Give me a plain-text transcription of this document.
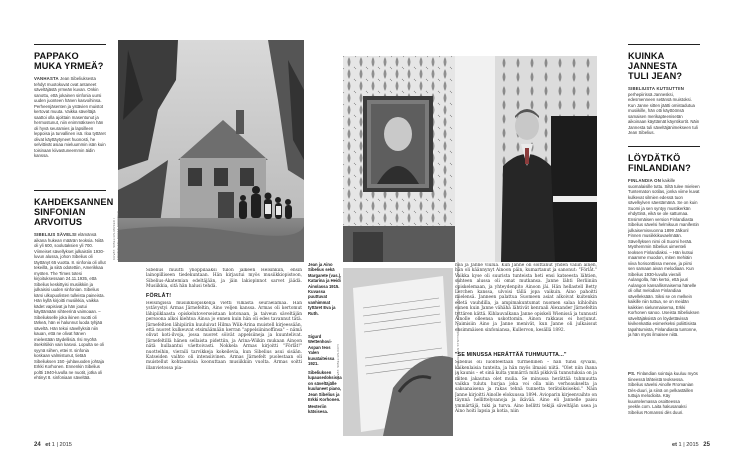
PAPPAKO MUKA YRMEÄ?
VANHASTA Jean Sibeliuksesta tehdyt muotokuvat ovat antaneet säveltäjästä yrmeän kuvan. Onkin sanottu, että jokainen sinfonia uursi uuden juonteen hänen kasvoihinsa. Perheenjäsenten ja ystävien muistot kertovat muuta. Vaikka säveltäjä saattoi olla ajoittain masentunut ja hermostunut, niin enimmäkseen hän oli hyvä seuramies ja lapsilleen leppoisa ja turvallinen isä. Iloa tyttäret olivat käyttäytyneet huonosti, he selvittivät asiaa mieluummin isän kuin toisinaan kiivastuneemmin äidin kanssa.
KAHDEKSANNEN SINFONIAN ARVOITUS
SIBELIUS SÄVELSI elämänsä aikana hukean määrän teoksia. Niitä oli yli 600, soolutaksien yli 700. Viimeiset sävellykset julkaistiin 1930-luvun alussa, johon Sibelius oli täyttänyt 65 vuotta. 8. sinfonia oli ollut tekeillä, ja siitä odotettiin, Amerikkaa myöten. The Times totesi kirjoituksessaan 24.11.1935, että Sibelius keskittyisi musiikkiin ja julkaisisi uuden sinfonian. Sibelius kärsi ulkopuolisten tulleista paineista. Hän kyllä kirjoitti musiikkia, vaikka kädet vapisivat ja hän joutui käyttämään sihteerinä vaimoaan. – Sibeliukselle joka ikinen nuotti oli tärkeä, hän ei halunnut luoda tyhjää säveltä. Hän tekoi sävellyksiä niin kauan, että ne olivat hänen mielestään täydellisiä. Ilsi myöhä itsekritiikin vain kasvoi. Lopulta se oli syynä siihen, ettei 8. sinfonia koskaan valmistunut, tietää Sibeliuksen 150 -juhlavuoden johtaja Erkki Korhonen. Ennenkin Sibelius poltti 1940-luvulla ne nuotit, jotka oli ehtinyt 8. sinfoniaan säveltää.
KUVAT: SIBELIUS-MUSEO / TOIMITETTU NUKKE SANONEN
KUVA: SIBELIUKSEN SYNTYMÄKOTI / HÄMEENLINNAN KAUPUNGINMUSEO
KUVAT: SIBELIUS-KOTI
Jean ja Aino Sibelius sekä Margarete (vas.), Katarina ja Heidi Ainolassa 1915. Kuvassa puuttuvat vanhimmat tyttäret Eva ja Ruth.
Sigurd Wettenhovi-Aspan teos Yalen kuvataiteissa 1921.
Sibeliuksen lupausedoksissa on säveltäjälle kuuluneet piano, Jean Sibelius ja Erkki Korhonen.
Mesteriin kätsisesa.

Sibelius muutti ylioppilaaksi tulon jälkeen Helsinkiin, ensin lainopilliseen tiedekuntaan. Hän kirjautui myös musiikkiopistoon, Sibelius-Akatemian edeltäjään, ja jäin lakiopinnot sarvet jäädä. Musiikkia, sitä hän halusi tehdä.

FÖRLÅT!

Helsingissä musiikkiopiskelija vietti vilkasta seuraelämää. Hän ystävystyi Armas Järnefeltin, Aino veljen kanssa. Armas oli kertomut lähipiiklaasta opiskelutoverseistaan kotonaan, ja taiveun säveltäjän persoona alkoi kiehtoa Ainoa jo ennen kuin hän oli edes tavannut tätä. Järnefeltien lähipiiriin kuuluivat Hilma Wiik-Arina muistell kirjeessään, että nuoret kulkeuvat etsimäämään kerran "appelsiininoffinsa" – nämä olivat koti-ilvoja, jossa nuoret söivät appelsiineja ja kuuntelivat. Järnefeltillä hänen sellaista pidettiin, ja Arina-Wiikin mukaan Ainoon nätä hullaantui väettoivasti. Nokkela Armas kirjoitti "Förlåt!" nuotteihin, vieraili tarvikkeja kokeilevia, kun Sibelius asui sisään. Katseiden vaihto oli intensiivinen. Armas Järnefelt puolestaan oli muistellut kohtaamisia koonuttaan musiikkiin vuolta. Armas soitti illanvietossa pia-

noa ja Janne viulua. Kun Janne oli soittanut yhden väliin ainen, hän oli käännynyt Ainoon päin, kumartanut ja sanonut: "Förlåt." Vaikka kyse oli suurista tunteista heti ensi katseesta lähtien, suhteen alussa oli omat mutkansa. Janne lähti Berliiniin opiskelemaan, ja yhteydenpito Ainoon jäi. Hän hellastell Betty Lerchen kanssa, ulvoisi tällä jopa vaikuin. Aino pahoitti mielensä. Janneen palattua Suomeen asiat alkoivat kuitenkin edetä vauhdilla, ja ampimakuntumat nuomen salaa kihloihin ennen kuin Janne vähähä lähtivät kenraali Alexander Järnefeltin tyttären kättä. Kihlauvalkana Janne opiskeli Wienissä ja tunnusti Ainolle olleensa uskottomin. Ainon rakkaus ei horjunut. Naimisiin Aino ja Janne menivät, kun Janne oli julkaissut ensimmäisen sinfoniansa, Kullervon, kesällä 1892.

"SE MINUSSA HERÄTTÄÄ TUHMUUTTA..."

Sibelius oli luonteeltaan turmellinen – hän tunsi syviäni, kaikenlaisia tunteita, ja hän myös ilmaisi niitä. "Olet niin ihana ja kaunis – et sinä kulta ymmärrä mitä pikkiviä tunnutuksia on ja miten jakautua olet mulia. Se minussa herättää tuhmuutta vaikka tulutu hurjaa joka voi olla niin verhoaukselta ja saksanaisena ja rakas tehnä tunnetta terätsiksiseksi." Näin Janne kirjoitti Ainolle elokuussa 1894. Avioparin kirjeenvaihto on täynnä hellittelysanoja ja ikävää. Aino eli Jannelle paisu ymmärtäjä, tuki ja turva. Aino hellitti tekijä säveltäjän usea ja Aino hoiti lapsia ja kotia, niin

KUINKA JANNESTA TULI JEAN?
SIBELIUSTA KUTSUTTIIN perhepiirissä Jannesksi, edesmenneen setänsä muistoksi. Kun Janne sitten jäätti omistadutua musiikille, hän otti käyttöönsä samaisen merikapteenisetän aikoinaan käyttämät käyntikortit. Näin Jannesta tuli säveltäjänimekseen tuli Jean Sibelius.
LÖYDÄTKÖ FINLANDIAN?
FINLANDIA ON kaikille suomalaisille tuttu. Siltä tulee mieleen Tuntematon sotilas, jonka viime kuvat kulkevat silmien edessä tuon sävelkylven säestämänä. Se on kuin Suomi ja sen syntyy mustikerkän ehdyttinä, eikä se ole sattumaa. Ensimmäisen version Finlandiasta Sibelius sävelsi helmikuun manifestin julkaisemisvuonna 1899 Jälkonl Finnen musiikkikuvaelmään. Sävellyksen nimi oli Suomi herää. Myöhemmin Sibelius uimenteli teoksen Finlandiaksi. – Hän kutsui maamme muodon, miten mehiäin viiva horisonttissa menee, ja piirsi sen samaan aivan melodiaan. Kun Sibelius 1930-luvulla vieraili Aulangolla, hän kertoi, että juuri Aulangon kansallismaisema hänelle oli ollut melodian Finlandiaa sävelleksään. Siksi se on melkein kaikille niin tuttua, se on meidän kaikkien sielunmaisema, Erkki Korhonen sanoo. Useista Sibeliuksen säveltäjäksistä on löydettävissä kivikenkattia esimerkeksi poliittisista tapahtumista, Finlandiasta tuntonne, ja hän myös ilmaisee niitä.
PS. Finlandian sointuja kuuluu myös tiineessä lähteistä teoksessa. Sibelius sävelsi Ainolle Rromanian Dès-duuri, ja siinä on pelkastäillen tuttuja melodioita. Käy kuuntelemassa osoitteessa yeekle.com. Laita hakusanaksi Sibelius Romanssi dès duuri.
24 et 1 | 2015	et 1 | 2015 25
